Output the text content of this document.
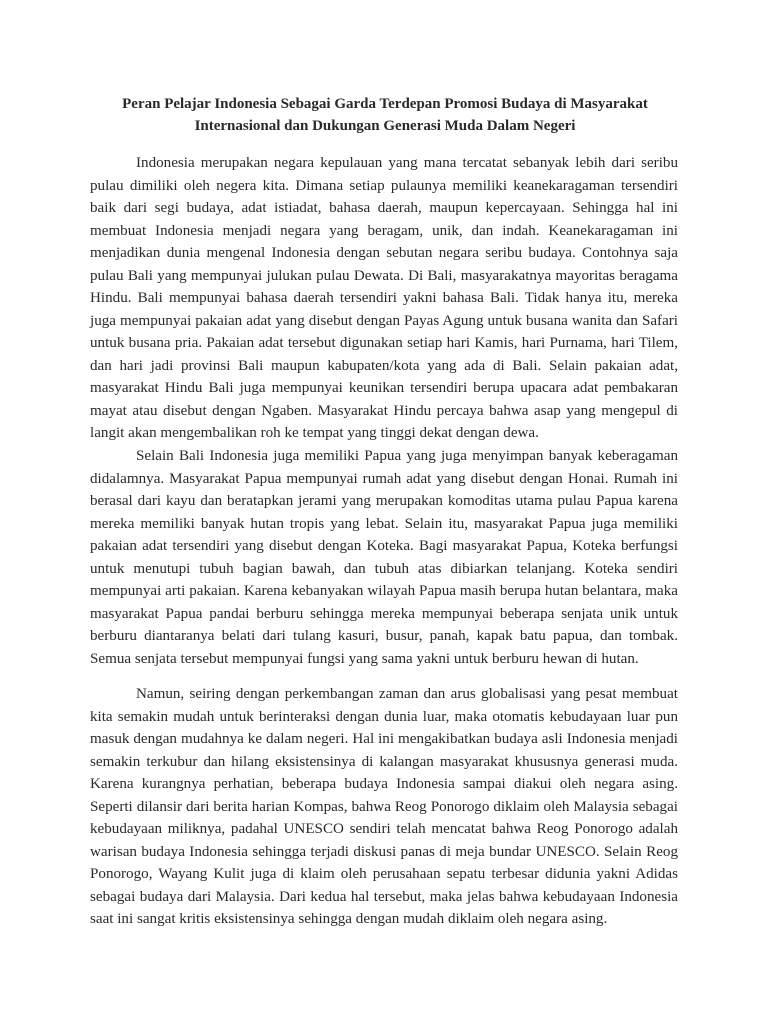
Peran Pelajar Indonesia Sebagai Garda Terdepan Promosi Budaya di Masyarakat

Internasional dan Dukungan Generasi Muda Dalam Negeri

Indonesia merupakan negara kepulauan yang mana tercatat sebanyak lebih dari seribu pulau dimiliki oleh negera kita. Dimana setiap pulaunya memiliki keanekaragaman tersendiri baik dari segi budaya, adat istiadat, bahasa daerah, maupun kepercayaan. Sehingga hal ini membuat Indonesia menjadi negara yang beragam, unik, dan indah. Keanekaragaman ini menjadikan dunia mengenal Indonesia dengan sebutan negara seribu budaya. Contohnya saja pulau Bali yang mempunyai julukan pulau Dewata. Di Bali, masyarakatnya mayoritas beragama Hindu. Bali mempunyai bahasa daerah tersendiri yakni bahasa Bali. Tidak hanya itu, mereka juga mempunyai pakaian adat yang disebut dengan Payas Agung untuk busana wanita dan Safari untuk busana pria. Pakaian adat tersebut digunakan setiap hari Kamis, hari Purnama, hari Tilem, dan hari jadi provinsi Bali maupun kabupaten/kota yang ada di Bali. Selain pakaian adat, masyarakat Hindu Bali juga mempunyai keunikan tersendiri berupa upacara adat pembakaran mayat atau disebut dengan Ngaben. Masyarakat Hindu percaya bahwa asap yang mengepul di langit akan mengembalikan roh ke tempat yang tinggi dekat dengan dewa.

Selain Bali Indonesia juga memiliki Papua yang juga menyimpan banyak keberagaman didalamnya. Masyarakat Papua mempunyai rumah adat yang disebut dengan Honai. Rumah ini berasal dari kayu dan beratapkan jerami yang merupakan komoditas utama pulau Papua karena mereka memiliki banyak hutan tropis yang lebat. Selain itu, masyarakat Papua juga memiliki pakaian adat tersendiri yang disebut dengan Koteka. Bagi masyarakat Papua, Koteka berfungsi untuk menutupi tubuh bagian bawah, dan tubuh atas dibiarkan telanjang. Koteka sendiri mempunyai arti pakaian. Karena kebanyakan wilayah Papua masih berupa hutan belantara, maka masyarakat Papua pandai berburu sehingga mereka mempunyai beberapa senjata unik untuk berburu diantaranya belati dari tulang kasuri, busur, panah, kapak batu papua, dan tombak. Semua senjata tersebut mempunyai fungsi yang sama yakni untuk berburu hewan di hutan.

Namun, seiring dengan perkembangan zaman dan arus globalisasi yang pesat membuat kita semakin mudah untuk berinteraksi dengan dunia luar, maka otomatis kebudayaan luar pun masuk dengan mudahnya ke dalam negeri. Hal ini mengakibatkan budaya asli Indonesia menjadi semakin terkubur dan hilang eksistensinya di kalangan masyarakat khususnya generasi muda. Karena kurangnya perhatian, beberapa budaya Indonesia sampai diakui oleh negara asing. Seperti dilansir dari berita harian Kompas, bahwa Reog Ponorogo diklaim oleh Malaysia sebagai kebudayaan miliknya, padahal UNESCO sendiri telah mencatat bahwa Reog Ponorogo adalah warisan budaya Indonesia sehingga terjadi diskusi panas di meja bundar UNESCO. Selain Reog Ponorogo, Wayang Kulit juga di klaim oleh perusahaan sepatu terbesar didunia yakni Adidas sebagai budaya dari Malaysia. Dari kedua hal tersebut, maka jelas bahwa kebudayaan Indonesia saat ini sangat kritis eksistensinya sehingga dengan mudah diklaim oleh negara asing.
